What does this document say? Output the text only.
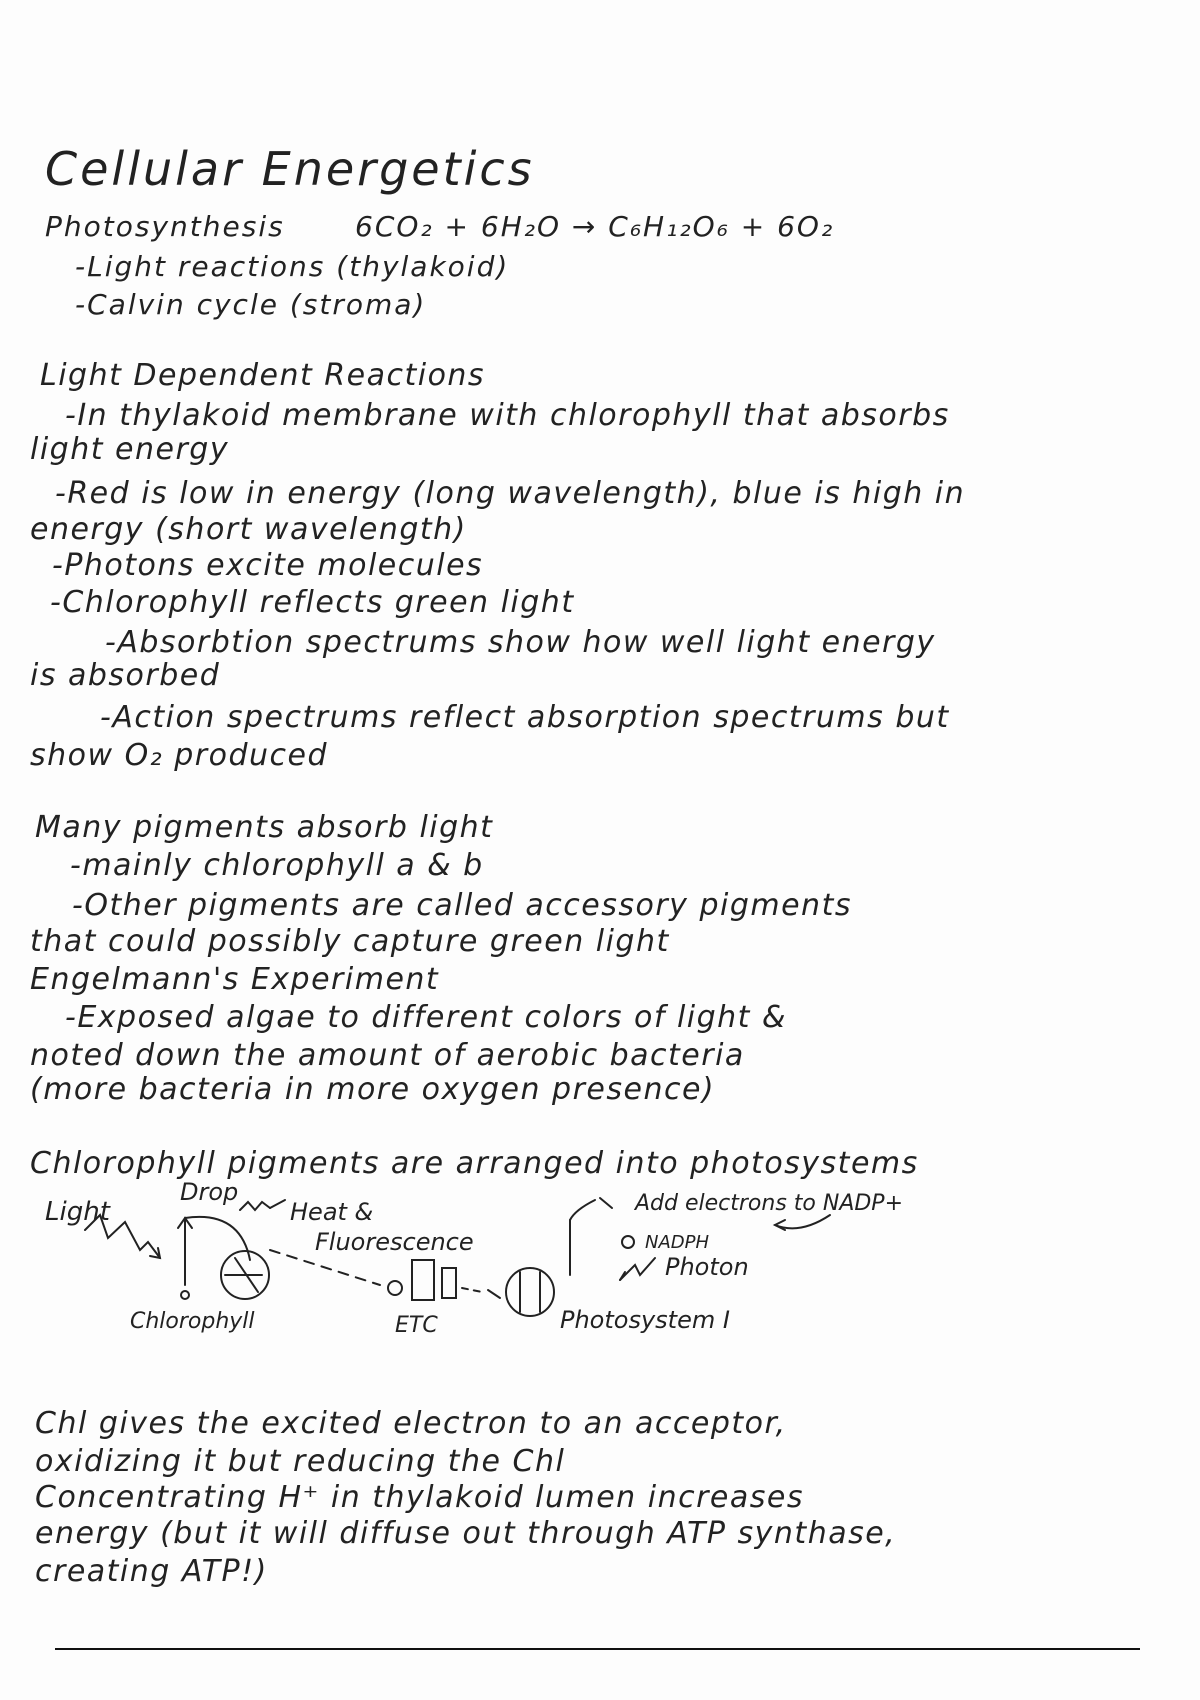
Cellular Energetics
Photosynthesis	6CO₂ + 6H₂O → C₆H₁₂O₆ + 6O₂
-Light reactions (thylakoid)
-Calvin cycle (stroma)
Light Dependent Reactions
-In thylakoid membrane with chlorophyll that absorbs
light energy
-Red is low in energy (long wavelength), blue is high in
energy (short wavelength)
-Photons excite molecules
-Chlorophyll reflects green light
-Absorbtion spectrums show how well light energy
is absorbed
-Action spectrums reflect absorption spectrums but
show O₂ produced
Many pigments absorb light
-mainly chlorophyll a & b
-Other pigments are called accessory pigments
that could possibly capture green light
Engelmann's Experiment
-Exposed algae to different colors of light &
noted down the amount of aerobic bacteria
(more bacteria in more oxygen presence)
Chlorophyll pigments are arranged into photosystems
Light
Drop
Heat &
Fluorescence
Add electrons to NADP+
NADPH
Photon
Chlorophyll	ETC	Photosystem I
Chl gives the excited electron to an acceptor,
oxidizing it but reducing the Chl
Concentrating H⁺ in thylakoid lumen increases
energy (but it will diffuse out through ATP synthase,
creating ATP!)
